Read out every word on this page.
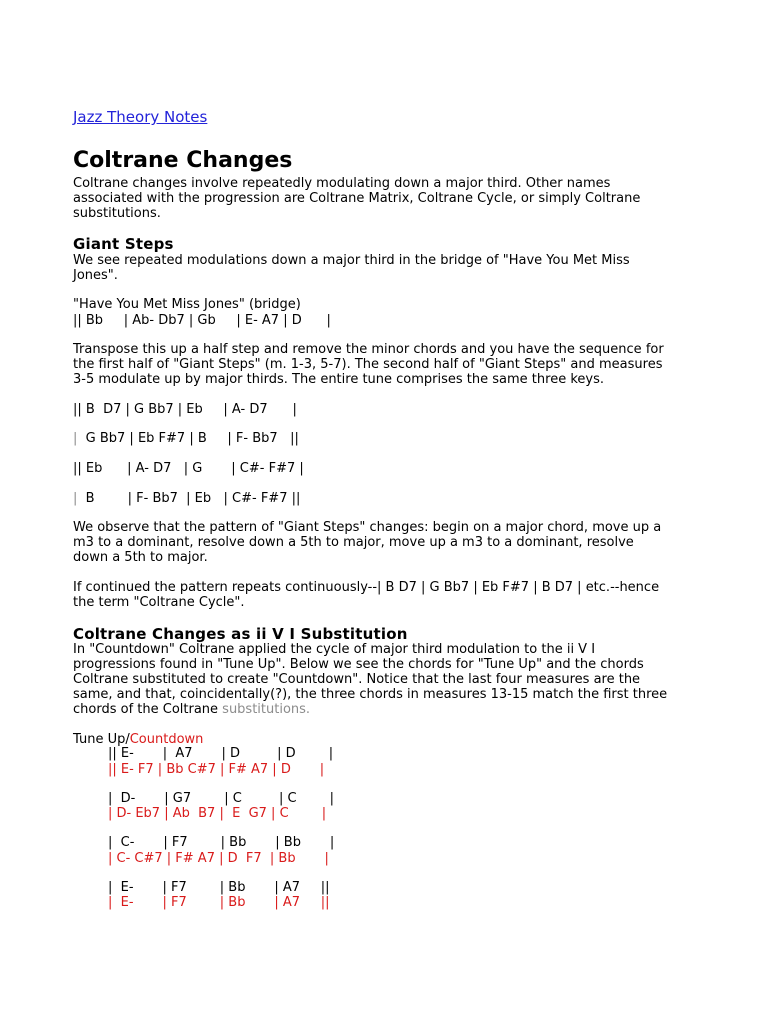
Jazz Theory Notes
Coltrane Changes

Coltrane changes involve repeatedly modulating down a major third. Other names

associated with the progression are Coltrane Matrix, Coltrane Cycle, or simply Coltrane

substitutions.

Giant Steps

We see repeated modulations down a major third in the bridge of "Have You Met Miss

Jones".

"Have You Met Miss Jones" (bridge)

|| Bb     | Ab- Db7 | Gb     | E- A7 | D      |

Transpose this up a half step and remove the minor chords and you have the sequence for

the first half of "Giant Steps" (m. 1-3, 5-7). The second half of "Giant Steps" and measures

3-5 modulate up by major thirds. The entire tune comprises the same three keys.

|| B  D7 | G Bb7 | Eb     | A- D7      |

|  G Bb7 | Eb F#7 | B     | F- Bb7   ||

|| Eb      | A- D7   | G       | C#- F#7 |

|  B        | F- Bb7  | Eb   | C#- F#7 ||

We observe that the pattern of "Giant Steps" changes: begin on a major chord, move up a

m3 to a dominant, resolve down a 5th to major, move up a m3 to a dominant, resolve

down a 5th to major.

If continued the pattern repeats continuously--| B D7 | G Bb7 | Eb F#7 | B D7 | etc.--hence

the term "Coltrane Cycle".

Coltrane Changes as ii V I Substitution

In "Countdown" Coltrane applied the cycle of major third modulation to the ii V I

progressions found in "Tune Up". Below we see the chords for "Tune Up" and the chords

Coltrane substituted to create "Countdown". Notice that the last four measures are the

same, and that, coincidentally(?), the three chords in measures 13-15 match the first three

chords of the Coltrane substitutions.

Tune Up/Countdown

|| E-       |  A7       | D         | D        |

|| E- F7 | Bb C#7 | F# A7 | D       |

|  D-       | G7        | C         | C        |

| D- Eb7 | Ab  B7 |  E  G7 | C        |

|  C-       | F7        | Bb       | Bb       |

| C- C#7 | F# A7 | D  F7  | Bb       |

|  E-       | F7        | Bb       | A7     ||

|  E-       | F7        | Bb       | A7     ||
